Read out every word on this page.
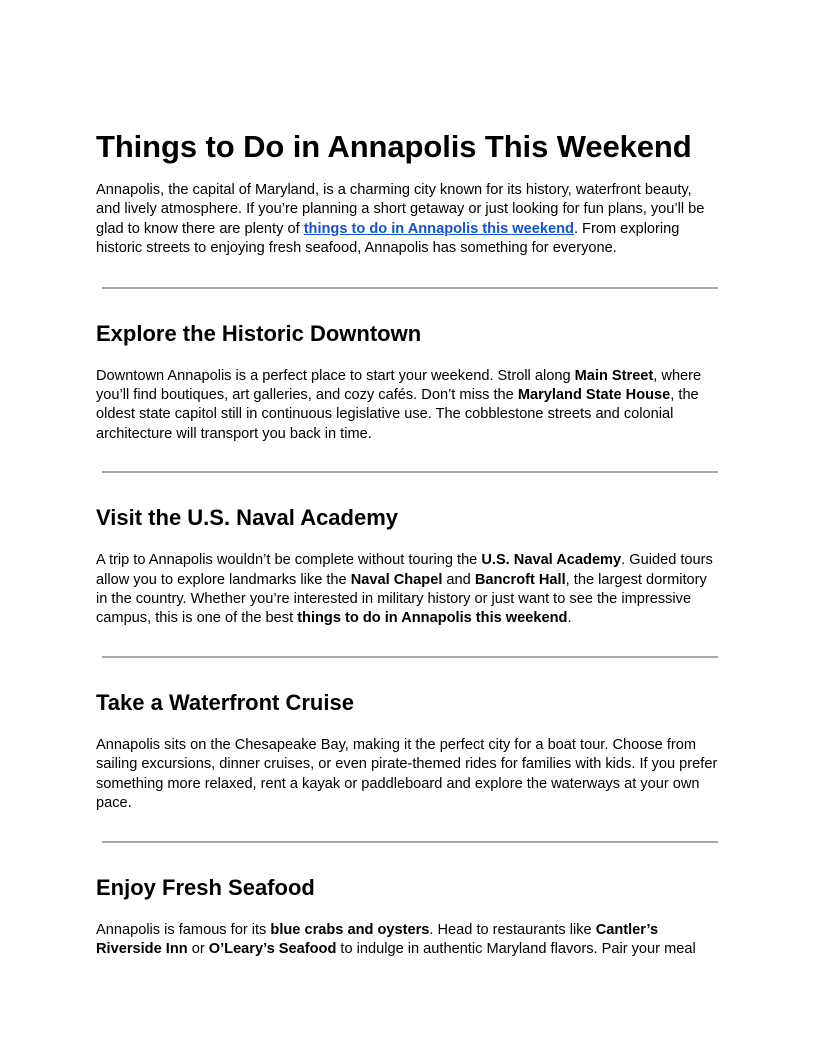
Things to Do in Annapolis This Weekend

Annapolis, the capital of Maryland, is a charming city known for its history, waterfront beauty,

and lively atmosphere. If you’re planning a short getaway or just looking for fun plans, you’ll be

glad to know there are plenty of things to do in Annapolis this weekend. From exploring

historic streets to enjoying fresh seafood, Annapolis has something for everyone.

Explore the Historic Downtown

Downtown Annapolis is a perfect place to start your weekend. Stroll along Main Street, where

you’ll find boutiques, art galleries, and cozy cafés. Don’t miss the Maryland State House, the

oldest state capitol still in continuous legislative use. The cobblestone streets and colonial

architecture will transport you back in time.

Visit the U.S. Naval Academy

A trip to Annapolis wouldn’t be complete without touring the U.S. Naval Academy. Guided tours

allow you to explore landmarks like the Naval Chapel and Bancroft Hall, the largest dormitory

in the country. Whether you’re interested in military history or just want to see the impressive

campus, this is one of the best things to do in Annapolis this weekend.

Take a Waterfront Cruise

Annapolis sits on the Chesapeake Bay, making it the perfect city for a boat tour. Choose from

sailing excursions, dinner cruises, or even pirate-themed rides for families with kids. If you prefer

something more relaxed, rent a kayak or paddleboard and explore the waterways at your own

pace.

Enjoy Fresh Seafood

Annapolis is famous for its blue crabs and oysters. Head to restaurants like Cantler’s

Riverside Inn or O’Leary’s Seafood to indulge in authentic Maryland flavors. Pair your meal
